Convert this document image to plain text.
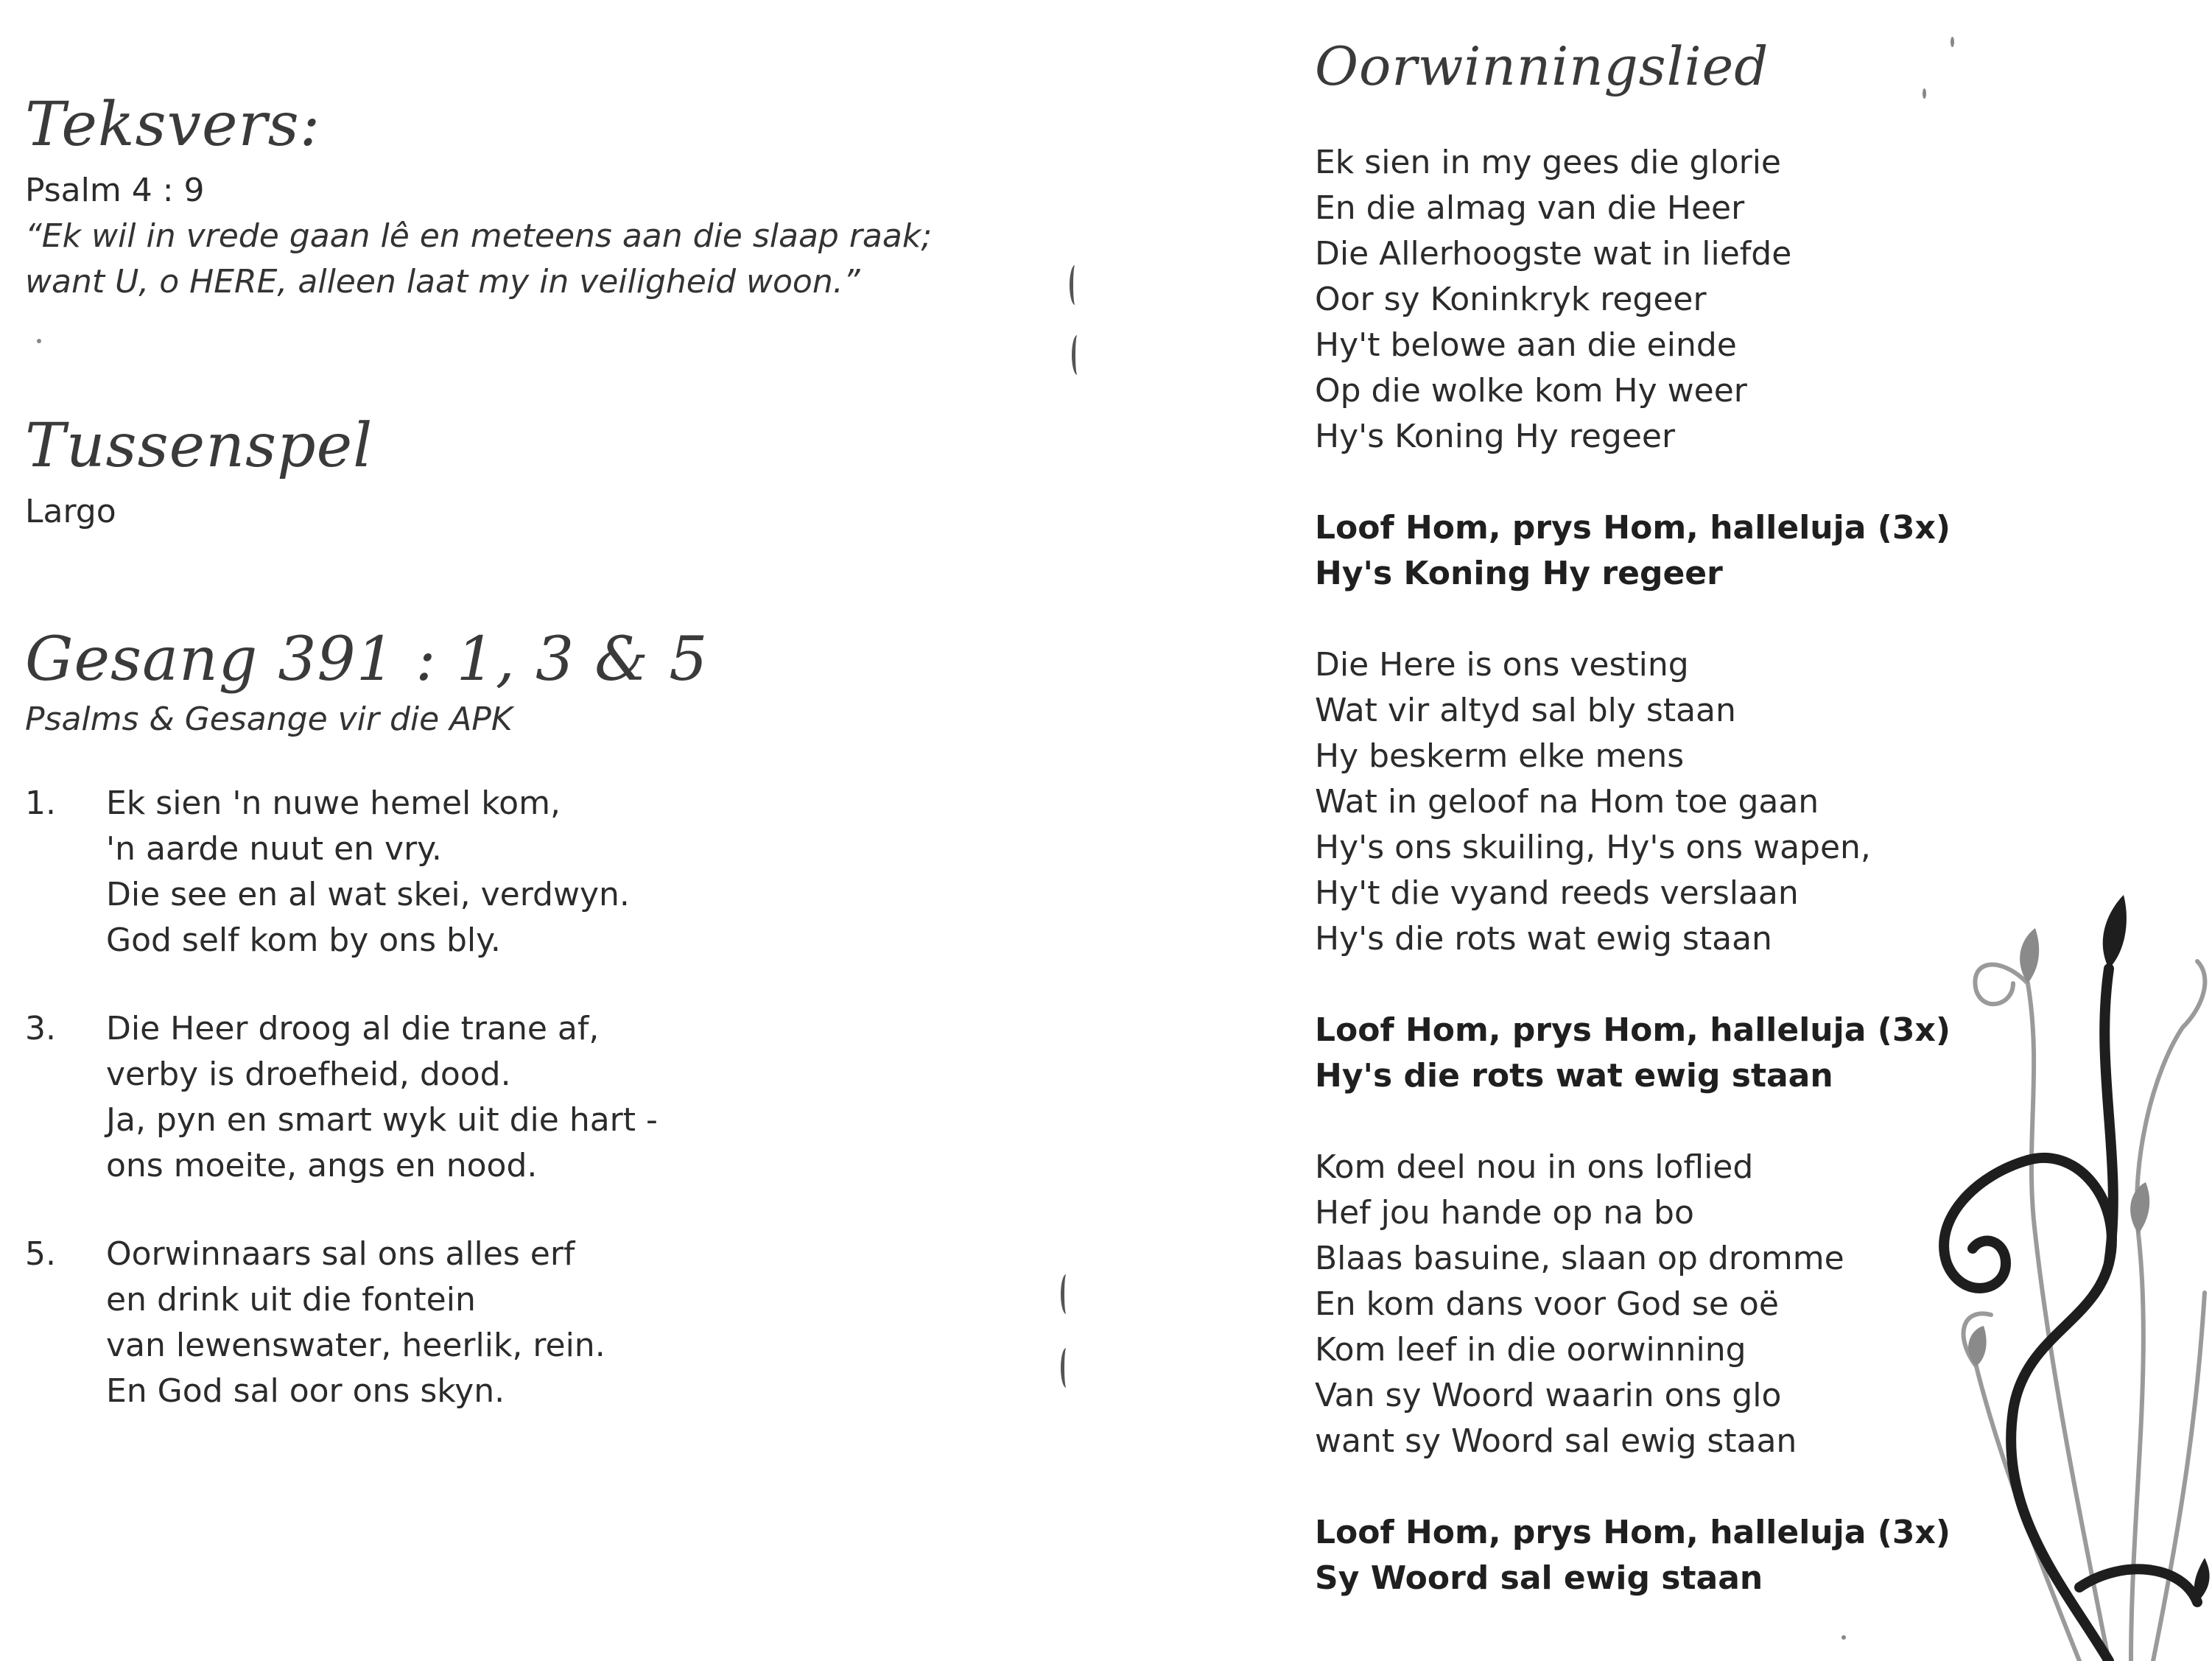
Teksvers:

Psalm 4 : 9

“Ek wil in vrede gaan lê en meteens aan die slaap raak;
want U, o HERE, alleen laat my in veiligheid woon.”

Tussenspel

Largo

Gesang 391 : 1, 3 & 5

Psalms & Gesange vir die APK

1. Ek sien 'n nuwe hemel kom,
'n aarde nuut en vry.
Die see en al wat skei, verdwyn.
God self kom by ons bly.
3. Die Heer droog al die trane af,
verby is droefheid, dood.
Ja, pyn en smart wyk uit die hart -
ons moeite, angs en nood.
5. Oorwinnaars sal ons alles erf
en drink uit die fontein
van lewenswater, heerlik, rein.
En God sal oor ons skyn.
Oorwinningslied
Ek sien in my gees die glorie
En die almag van die Heer
Die Allerhoogste wat in liefde
Oor sy Koninkryk regeer
Hy't belowe aan die einde
Op die wolke kom Hy weer
Hy's Koning Hy regeer
Loof Hom, prys Hom, halleluja (3x)
Hy's Koning Hy regeer
Die Here is ons vesting
Wat vir altyd sal bly staan
Hy beskerm elke mens
Wat in geloof na Hom toe gaan
Hy's ons skuiling, Hy's ons wapen,
Hy't die vyand reeds verslaan
Hy's die rots wat ewig staan
Loof Hom, prys Hom, halleluja (3x)
Hy's die rots wat ewig staan
Kom deel nou in ons loflied
Hef jou hande op na bo
Blaas basuine, slaan op dromme
En kom dans voor God se oë
Kom leef in die oorwinning
Van sy Woord waarin ons glo
want sy Woord sal ewig staan
Loof Hom, prys Hom, halleluja (3x)
Sy Woord sal ewig staan
